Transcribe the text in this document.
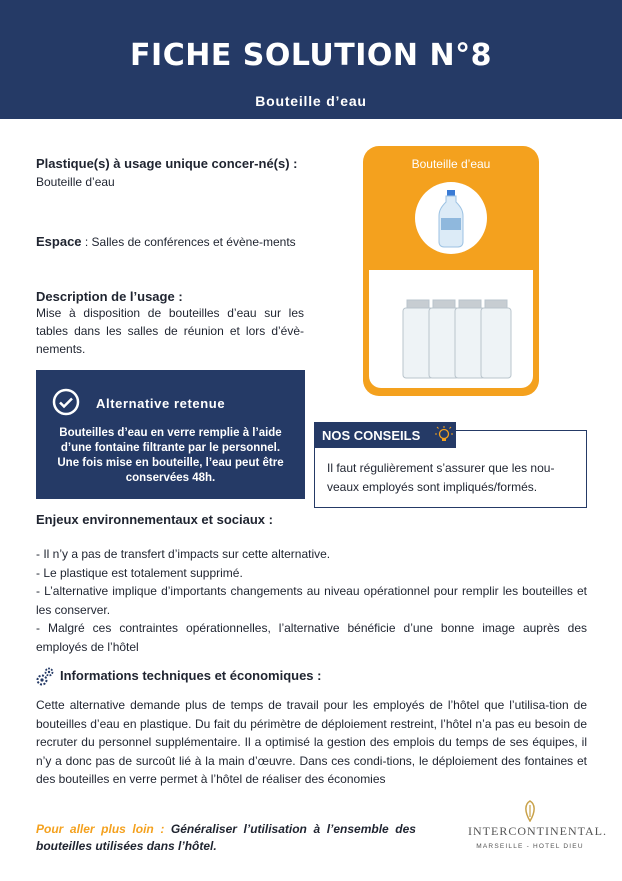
FICHE SOLUTION N°8
Bouteille d’eau
Plastique(s) à usage unique concer-né(s) :
Bouteille d’eau
Espace : Salles de conférences et évène-ments
Description de l’usage :
Mise à disposition de bouteilles d’eau sur les tables dans les salles de réunion et lors d’évè-nements.
Bouteille d’eau
Alternative retenue
Bouteilles d’eau en verre remplie à l’aide d’une fontaine filtrante par le personnel. Une fois mise en bouteille, l’eau peut être conservées 48h.
Il faut régulièrement s’assurer que les nou-veaux employés sont impliqués/formés.
NOS CONSEILS
Enjeux environnementaux et sociaux :
- Il n’y a pas de transfert d’impacts sur cette alternative.
- Le plastique est totalement supprimé.
- L’alternative implique d’importants changements au niveau opérationnel pour remplir les bouteilles et les conserver.
- Malgré ces contraintes opérationnelles, l’alternative bénéficie d’une bonne image auprès des employés de l’hôtel
Informations techniques et économiques :
Cette alternative demande plus de temps de travail pour les employés de l’hôtel que l’utilisa-tion de bouteilles d’eau en plastique. Du fait du périmètre de déploiement restreint, l’hôtel n’a pas eu besoin de recruter du personnel supplémentaire. Il a optimisé la gestion des emplois du temps de ses équipes, il n’y a donc pas de surcoût lié à la main d’œuvre. Dans ces condi-tions, le déploiement des fontaines et des bouteilles en verre permet à l’hôtel de réaliser des économies
Pour aller plus loin : Généraliser l’utilisation à l’ensemble des bouteilles utilisées dans l’hôtel.
INTERCONTINENTAL.
MARSEILLE - HOTEL DIEU
